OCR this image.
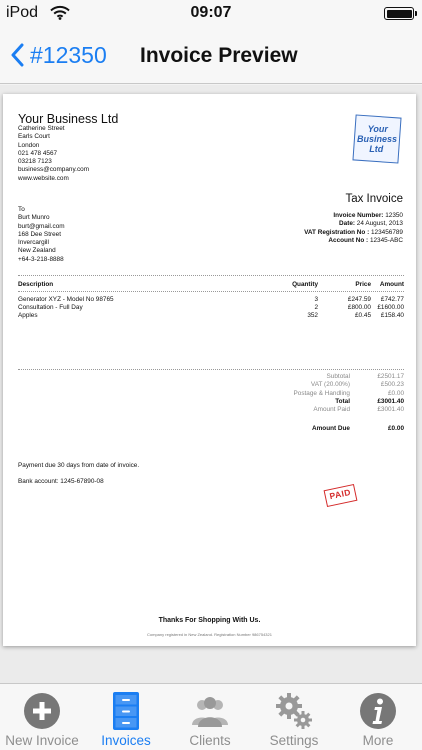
iPod	09:07
#12350 Invoice Preview
Your Business Ltd
Catherine Street
Earls Court
London
021 478 4567
03218 7123
business@company.com
www.website.com
Your
Business
Ltd
Tax Invoice
Invoice Number: 12350
Date: 24 August, 2013
VAT Registration No : 123456789
Account No : 12345-ABC
To
Burt Munro
burt@gmail.com
168 Dee Street
Invercargill
New Zealand
+64-3-218-8888
Description	Quantity	Price	Amount
Generator XYZ - Model No 98765	3	£247.59	£742.77
Consultation - Full Day	2	£800.00 £1600.00
Apples	352	£0.45	£158.40
Subtotal	£2501.17
VAT (20.00%)	£500.23
Postage & Handling	£0.00
Total	£3001.40
Amount Paid	£3001.40
Amount Due	£0.00
Payment due 30 days from date of invoice.
Bank account: 1245-67890-08
PAID
Thanks For Shopping With Us.
Company registered in New Zealand. Registration Number 986754321
New Invoice	Invoices	Clients	Settings	More
